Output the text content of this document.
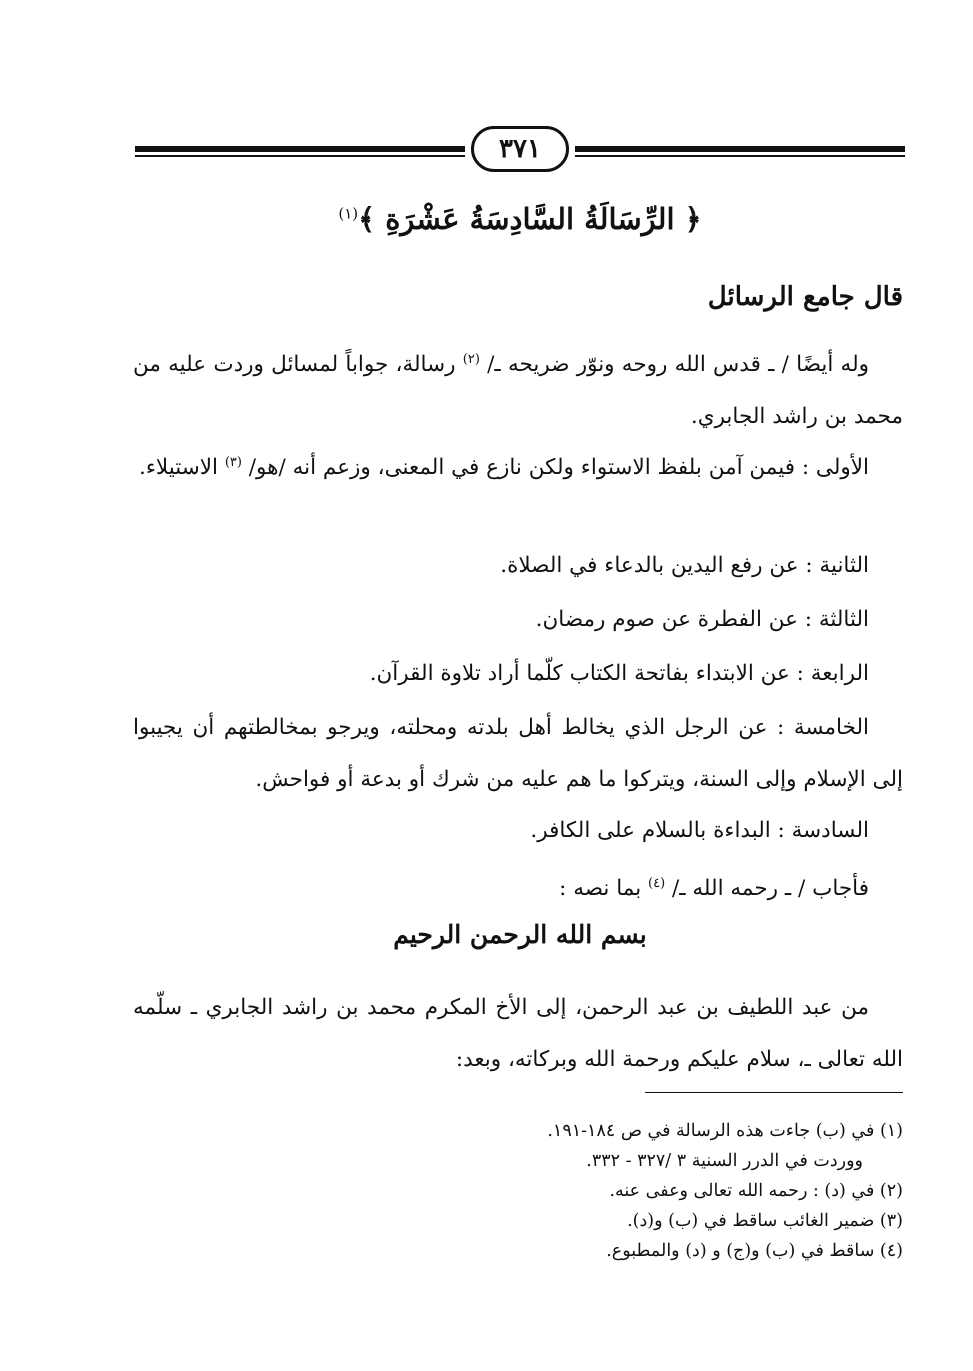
٣٧١
﴿ الرِّسَالَةُ السَّادِسَةُ عَشْرَةِ ﴾$^{(١)}$
قال جامع الرسائل
وله أيضًا / ـ قدس الله روحه ونوّر ضريحه ـ/ $^{(٢)}$ رسالة، جواباً لمسائل وردت عليه من محمد بن راشد الجابري.
الأولى : فيمن آمن بلفظ الاستواء ولكن نازع في المعنى، وزعم أنه /هو/ $^{(٣)}$ الاستيلاء.
الثانية : عن رفع اليدين بالدعاء في الصلاة.
الثالثة : عن الفطرة عن صوم رمضان.
الرابعة : عن الابتداء بفاتحة الكتاب كلّما أراد تلاوة القرآن.
الخامسة : عن الرجل الذي يخالط أهل بلدته ومحلته، ويرجو بمخالطتهم أن يجيبوا إلى الإسلام وإلى السنة، ويتركوا ما هم عليه من شرك أو بدعة أو فواحش.
السادسة : البداءة بالسلام على الكافر.
فأجاب / ـ رحمه الله ـ/ $^{(٤)}$ بما نصه :
بسم الله الرحمن الرحيم
من عبد اللطيف بن عبد الرحمن، إلى الأخ المكرم محمد بن راشد الجابري ـ سلّمه الله تعالى ـ، سلام عليكم ورحمة الله وبركاته، وبعد:
(١) في (ب) جاءت هذه الرسالة في ص ١٨٤-١٩١.
ووردت في الدرر السنية ٣ /٣٢٧ - ٣٣٢.
(٢) في (د) : رحمه الله تعالى وعفى عنه.
(٣) ضمير الغائب ساقط في (ب) و(د).
(٤) ساقط في (ب) و(ج) و (د) والمطبوع.
